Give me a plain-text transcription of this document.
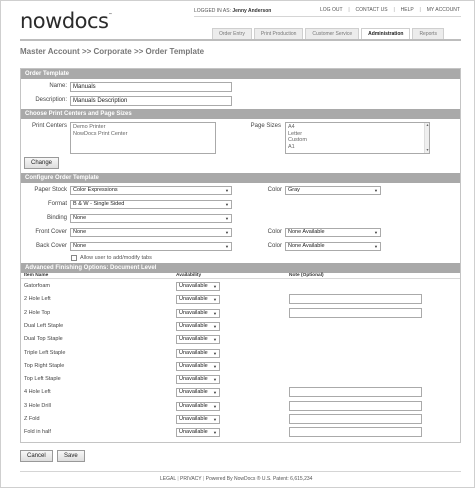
nowdocs™
LOGGED IN AS: Jenny Anderson	LOG OUT | CONTACT US | HELP | MY ACCOUNT
Order Entry	Print Production	Customer Service	Administration	Reports
Master Account >> Corporate >> Order Template
Order Template
Name:	Manuals
Description:	Manuals Description
Choose Print Centers and Page Sizes
Print Centers Demo Printer
NowDocs Print Center
Page Sizes A4
Letter
Custom
A1
▲
▼
Change
Configure Order Template
Paper Stock	Color Expressions	▼	Color	Gray	▼
Format	B & W - Single Sided	▼
Binding	None	▼
Front Cover	None	▼	Color	None Available	▼
Back Cover	None	▼	Color	None Available	▼
Allow user to add/modify tabs
Advanced Finishing Options: Document Level
Item Name	Availability	Note (Optional)
Gatorfoam	Unavailable ▼
2 Hole Left	Unavailable ▼
2 Hole Top	Unavailable ▼
Dual Left Staple	Unavailable ▼
Dual Top Staple	Unavailable ▼
Triple Left Staple	Unavailable ▼
Top Right Staple	Unavailable ▼
Top Left Staple	Unavailable ▼
4 Hole Left	Unavailable ▼
3 Hole Drill	Unavailable ▼
Z Fold	Unavailable ▼
Fold in half	Unavailable ▼
Cancel	Save
LEGAL | PRIVACY | Powered By NowDocs ® U.S. Patent: 6,615,234
